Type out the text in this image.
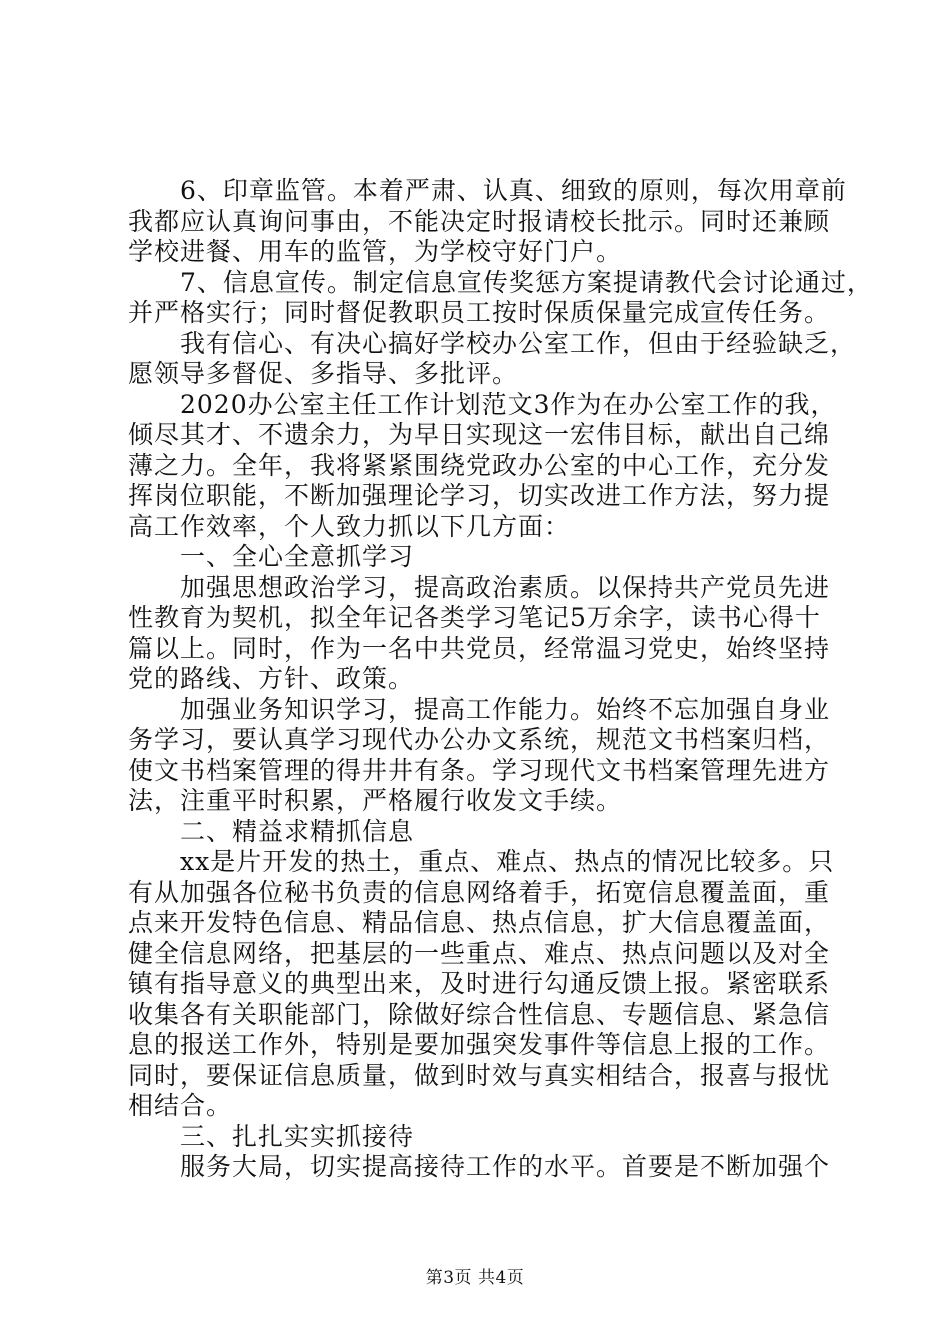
6、印章监管。本着严肃、认真、细致的原则，每次用章前
我都应认真询问事由，不能决定时报请校长批示。同时还兼顾
学校进餐、用车的监管，为学校守好门户。
7、信息宣传。制定信息宣传奖惩方案提请教代会讨论通过，
并严格实行；同时督促教职员工按时保质保量完成宣传任务。
我有信心、有决心搞好学校办公室工作，但由于经验缺乏，
愿领导多督促、多指导、多批评。
2020办公室主任工作计划范文3作为在办公室工作的我，
倾尽其才、不遗余力，为早日实现这一宏伟目标，献出自己绵
薄之力。全年，我将紧紧围绕党政办公室的中心工作，充分发
挥岗位职能，不断加强理论学习，切实改进工作方法，努力提
高工作效率，个人致力抓以下几方面：
一、全心全意抓学习
加强思想政治学习，提高政治素质。以保持共产党员先进
性教育为契机，拟全年记各类学习笔记5万余字，读书心得十
篇以上。同时，作为一名中共党员，经常温习党史，始终坚持
党的路线、方针、政策。
加强业务知识学习，提高工作能力。始终不忘加强自身业
务学习，要认真学习现代办公办文系统，规范文书档案归档，
使文书档案管理的得井井有条。学习现代文书档案管理先进方
法，注重平时积累，严格履行收发文手续。
二、精益求精抓信息
xx是片开发的热土，重点、难点、热点的情况比较多。只
有从加强各位秘书负责的信息网络着手，拓宽信息覆盖面，重
点来开发特色信息、精品信息、热点信息，扩大信息覆盖面，
健全信息网络，把基层的一些重点、难点、热点问题以及对全
镇有指导意义的典型出来，及时进行勾通反馈上报。紧密联系
收集各有关职能部门，除做好综合性信息、专题信息、紧急信
息的报送工作外，特别是要加强突发事件等信息上报的工作。
同时，要保证信息质量，做到时效与真实相结合，报喜与报忧
相结合。
三、扎扎实实抓接待
服务大局，切实提高接待工作的水平。首要是不断加强个
第3页 共4页
